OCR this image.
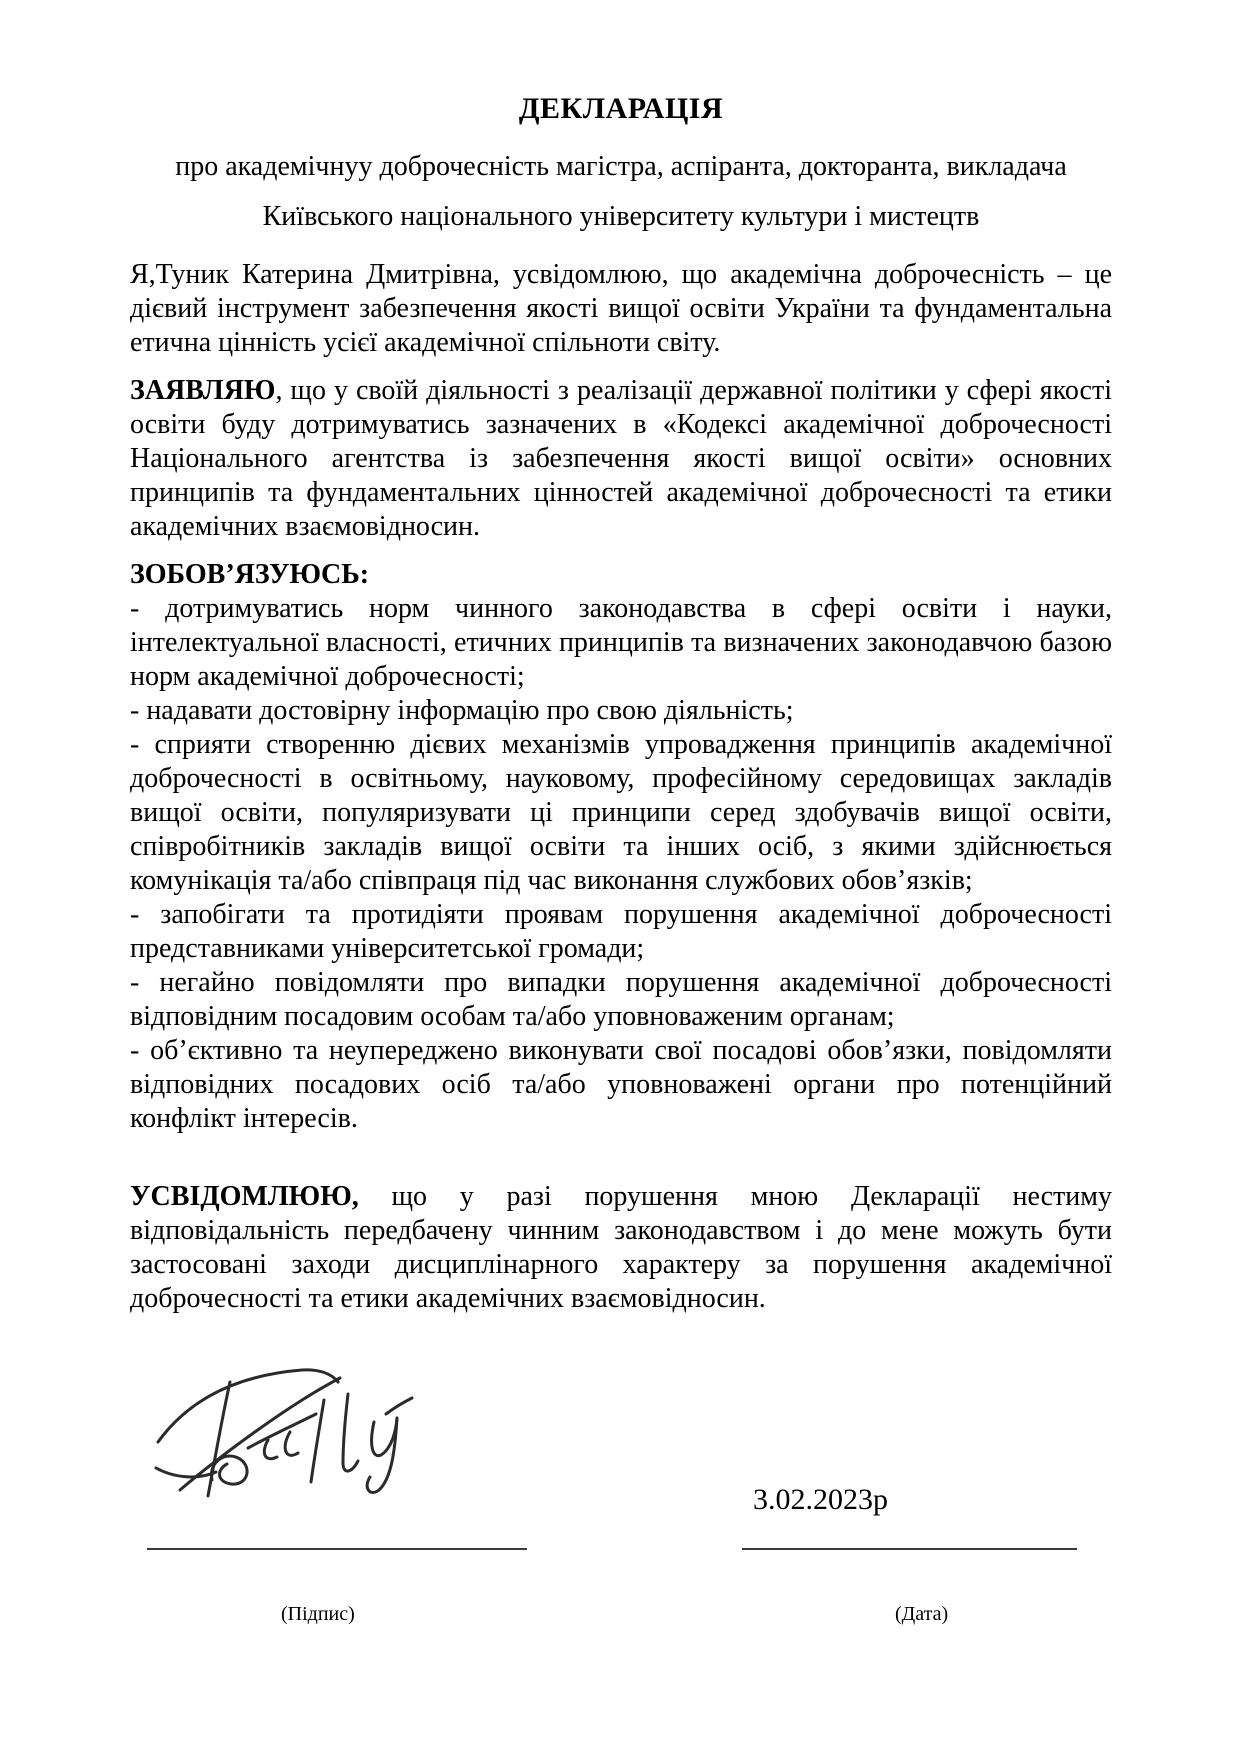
ДЕКЛАРАЦІЯ

про академічнуу доброчесність магістра, аспіранта, докторанта, викладача

Київського національного університету культури і мистецтв

Я,Туник Катерина Дмитрівна, усвідомлюю, що академічна доброчесність – це дієвий інструмент забезпечення якості вищої освіти України та фундаментальна етична цінність усієї академічної спільноти світу.

ЗАЯВЛЯЮ, що у своїй діяльності з реалізації державної політики у сфері якості освіти буду дотримуватись зазначених в «Кодексі академічної доброчесності Національного агентства із забезпечення якості вищої освіти» основних принципів та фундаментальних цінностей академічної доброчесності та етики академічних взаємовідносин.

ЗОБОВ’ЯЗУЮСЬ:

- дотримуватись норм чинного законодавства в сфері освіти і науки, інтелектуальної власності, етичних принципів та визначених законодавчою базою норм академічної доброчесності;

- надавати достовірну інформацію про свою діяльність;

- сприяти створенню дієвих механізмів упровадження принципів академічної доброчесності в освітньому, науковому, професійному середовищах закладів вищої освіти, популяризувати ці принципи серед здобувачів вищої освіти, співробітників закладів вищої освіти та інших осіб, з якими здійснюється комунікація та/або співпраця під час виконання службових обов’язків;

- запобігати та протидіяти проявам порушення академічної доброчесності представниками університетської громади;

- негайно повідомляти про випадки порушення академічної доброчесності відповідним посадовим особам та/або уповноваженим органам;

- об’єктивно та неупереджено виконувати свої посадові обов’язки, повідомляти відповідних посадових осіб та/або уповноважені органи про потенційний конфлікт інтересів.

УСВІДОМЛЮЮ, що у разі порушення мною Декларації нестиму відповідальність передбачену чинним законодавством і до мене можуть бути застосовані заходи дисциплінарного характеру за порушення академічної доброчесності та етики академічних взаємовідносин.

3.02.2023р
(Підпис)	(Дата)
